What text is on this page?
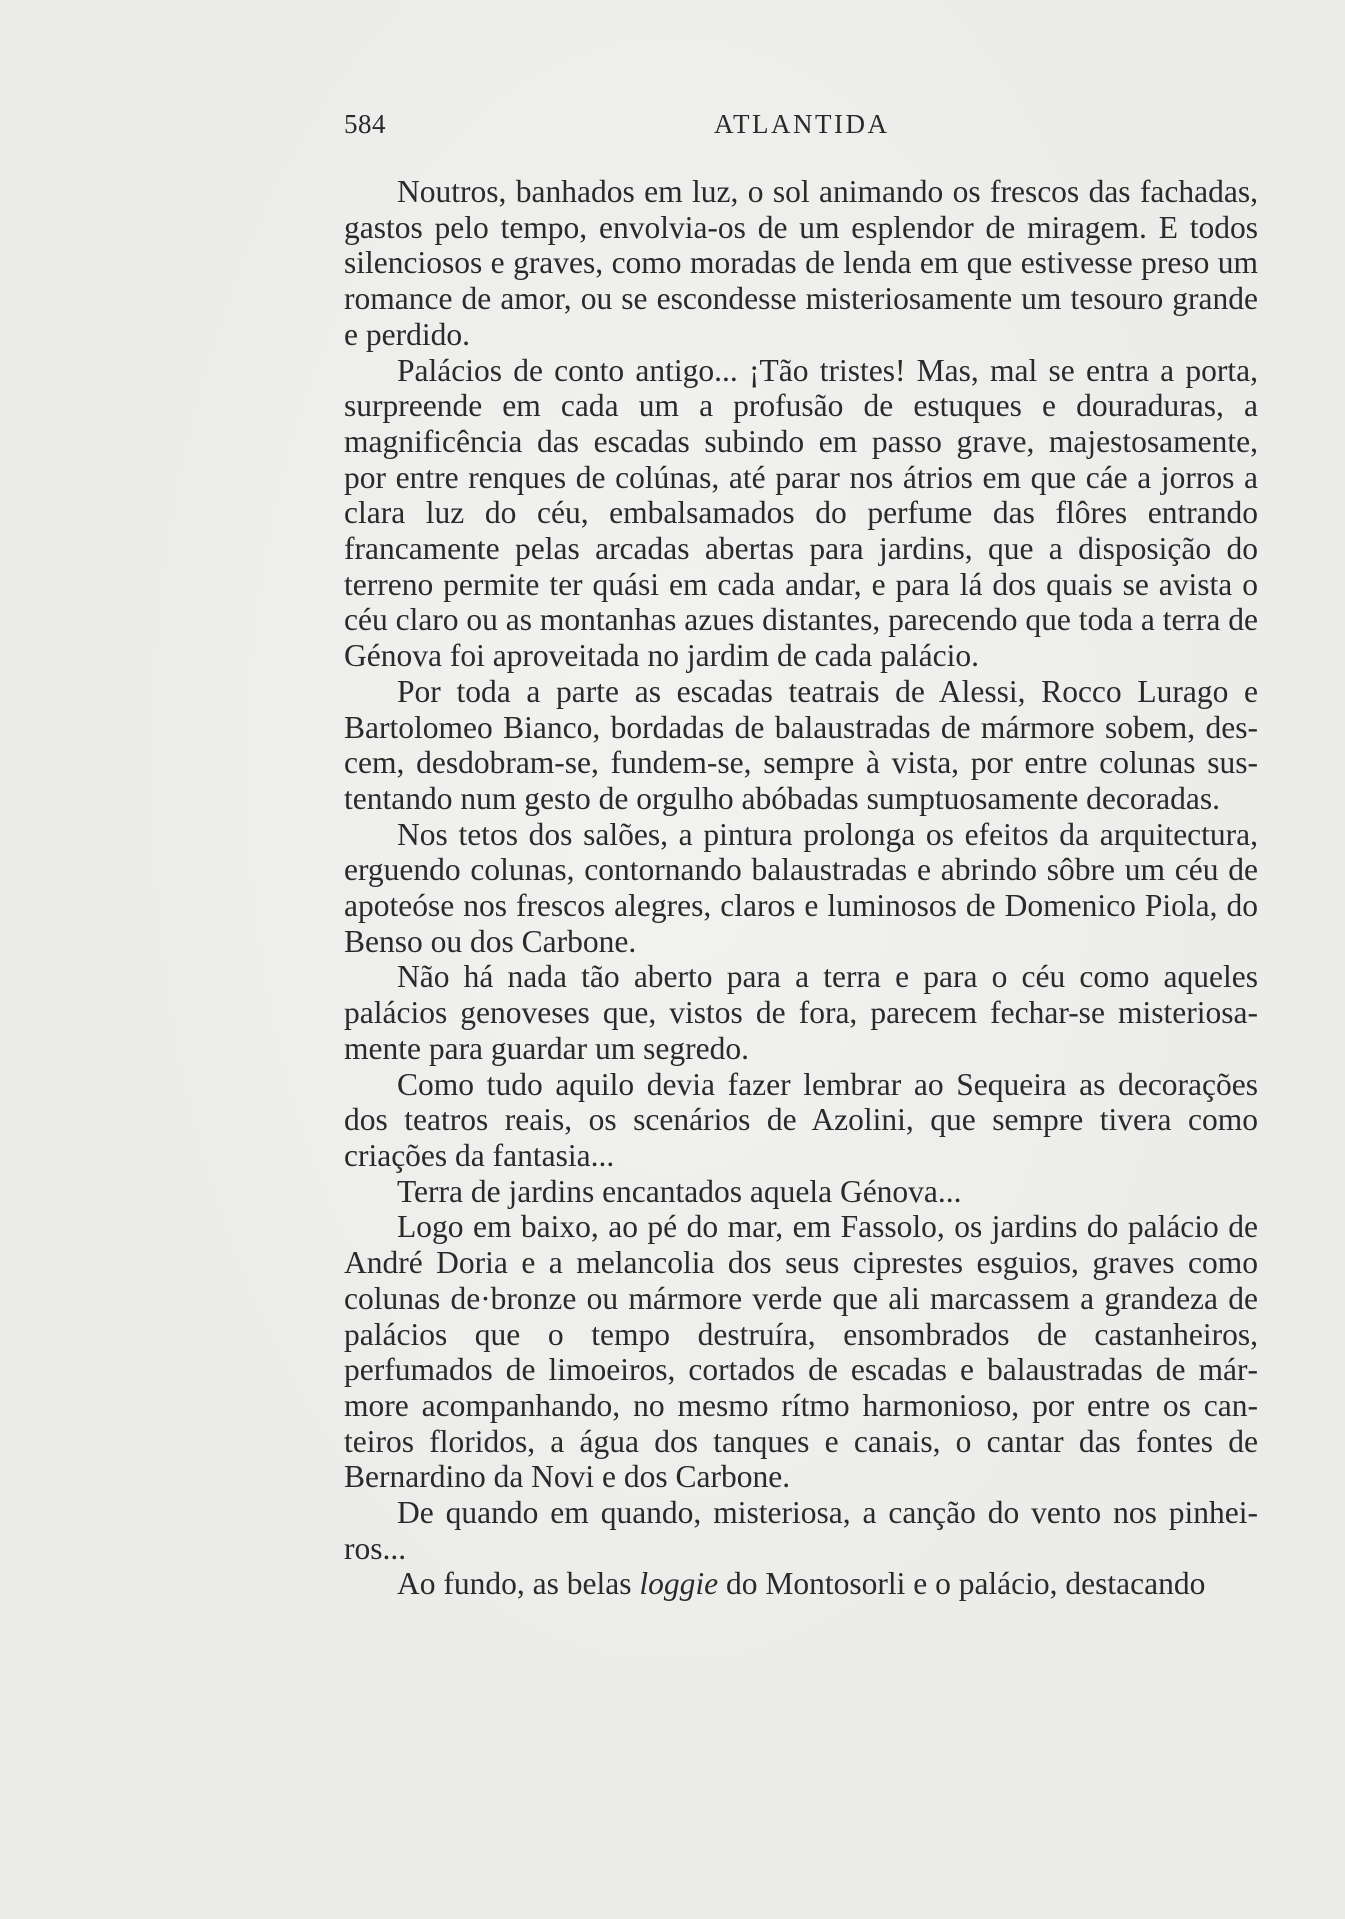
584	ATLANTIDA

Noutros, banhados em luz, o sol animando os frescos das fachadas, gastos pelo tempo, envolvia-os de um esplendor de miragem. E todos silenciosos e graves, como moradas de lenda em que estivesse preso um romance de amor, ou se escondesse misteriosamente um tesouro grande e perdido.

Palácios de conto antigo... ¡Tão tristes! Mas, mal se entra a porta, surpreende em cada um a profusão de estuques e douraduras, a magnificência das escadas subindo em passo grave, majestosamente, por entre renques de colúnas, até parar nos átrios em que cáe a jorros a clara luz do céu, embalsamados do perfume das flôres entrando francamente pelas arcadas abertas para jardins, que a disposição do terreno permite ter quási em cada andar, e para lá dos quais se avista o céu claro ou as montanhas azues distantes, parecendo que toda a terra de Génova foi aproveitada no jardim de cada palácio.

Por toda a parte as escadas teatrais de Alessi, Rocco Lurago e Bartolomeo Bianco, bordadas de balaustradas de mármore sobem, descem, desdobram-se, fundem-se, sempre à vista, por entre colunas sustentando num gesto de orgulho abóbadas sumptuosamente decoradas.

Nos tetos dos salões, a pintura prolonga os efeitos da arquitectura, erguendo colunas, contornando balaustradas e abrindo sôbre um céu de apoteóse nos frescos alegres, claros e luminosos de Domenico Piola, do Benso ou dos Carbone.

Não há nada tão aberto para a terra e para o céu como aqueles palácios genoveses que, vistos de fora, parecem fechar-se misteriosamente para guardar um segredo.

Como tudo aquilo devia fazer lembrar ao Sequeira as decorações dos teatros reais, os scenários de Azolini, que sempre tivera como criações da fantasia...

Terra de jardins encantados aquela Génova...

Logo em baixo, ao pé do mar, em Fassolo, os jardins do palácio de André Doria e a melancolia dos seus ciprestes esguios, graves como colunas de·bronze ou mármore verde que ali marcassem a grandeza de palácios que o tempo destruíra, ensombrados de castanheiros, perfumados de limoeiros, cortados de escadas e balaustradas de mármore acompanhando, no mesmo rítmo harmonioso, por entre os canteiros floridos, a água dos tanques e canais, o cantar das fontes de Bernardino da Novi e dos Carbone.

De quando em quando, misteriosa, a canção do vento nos pinheiros...

Ao fundo, as belas loggie do Montosorli e o palácio, destacando
